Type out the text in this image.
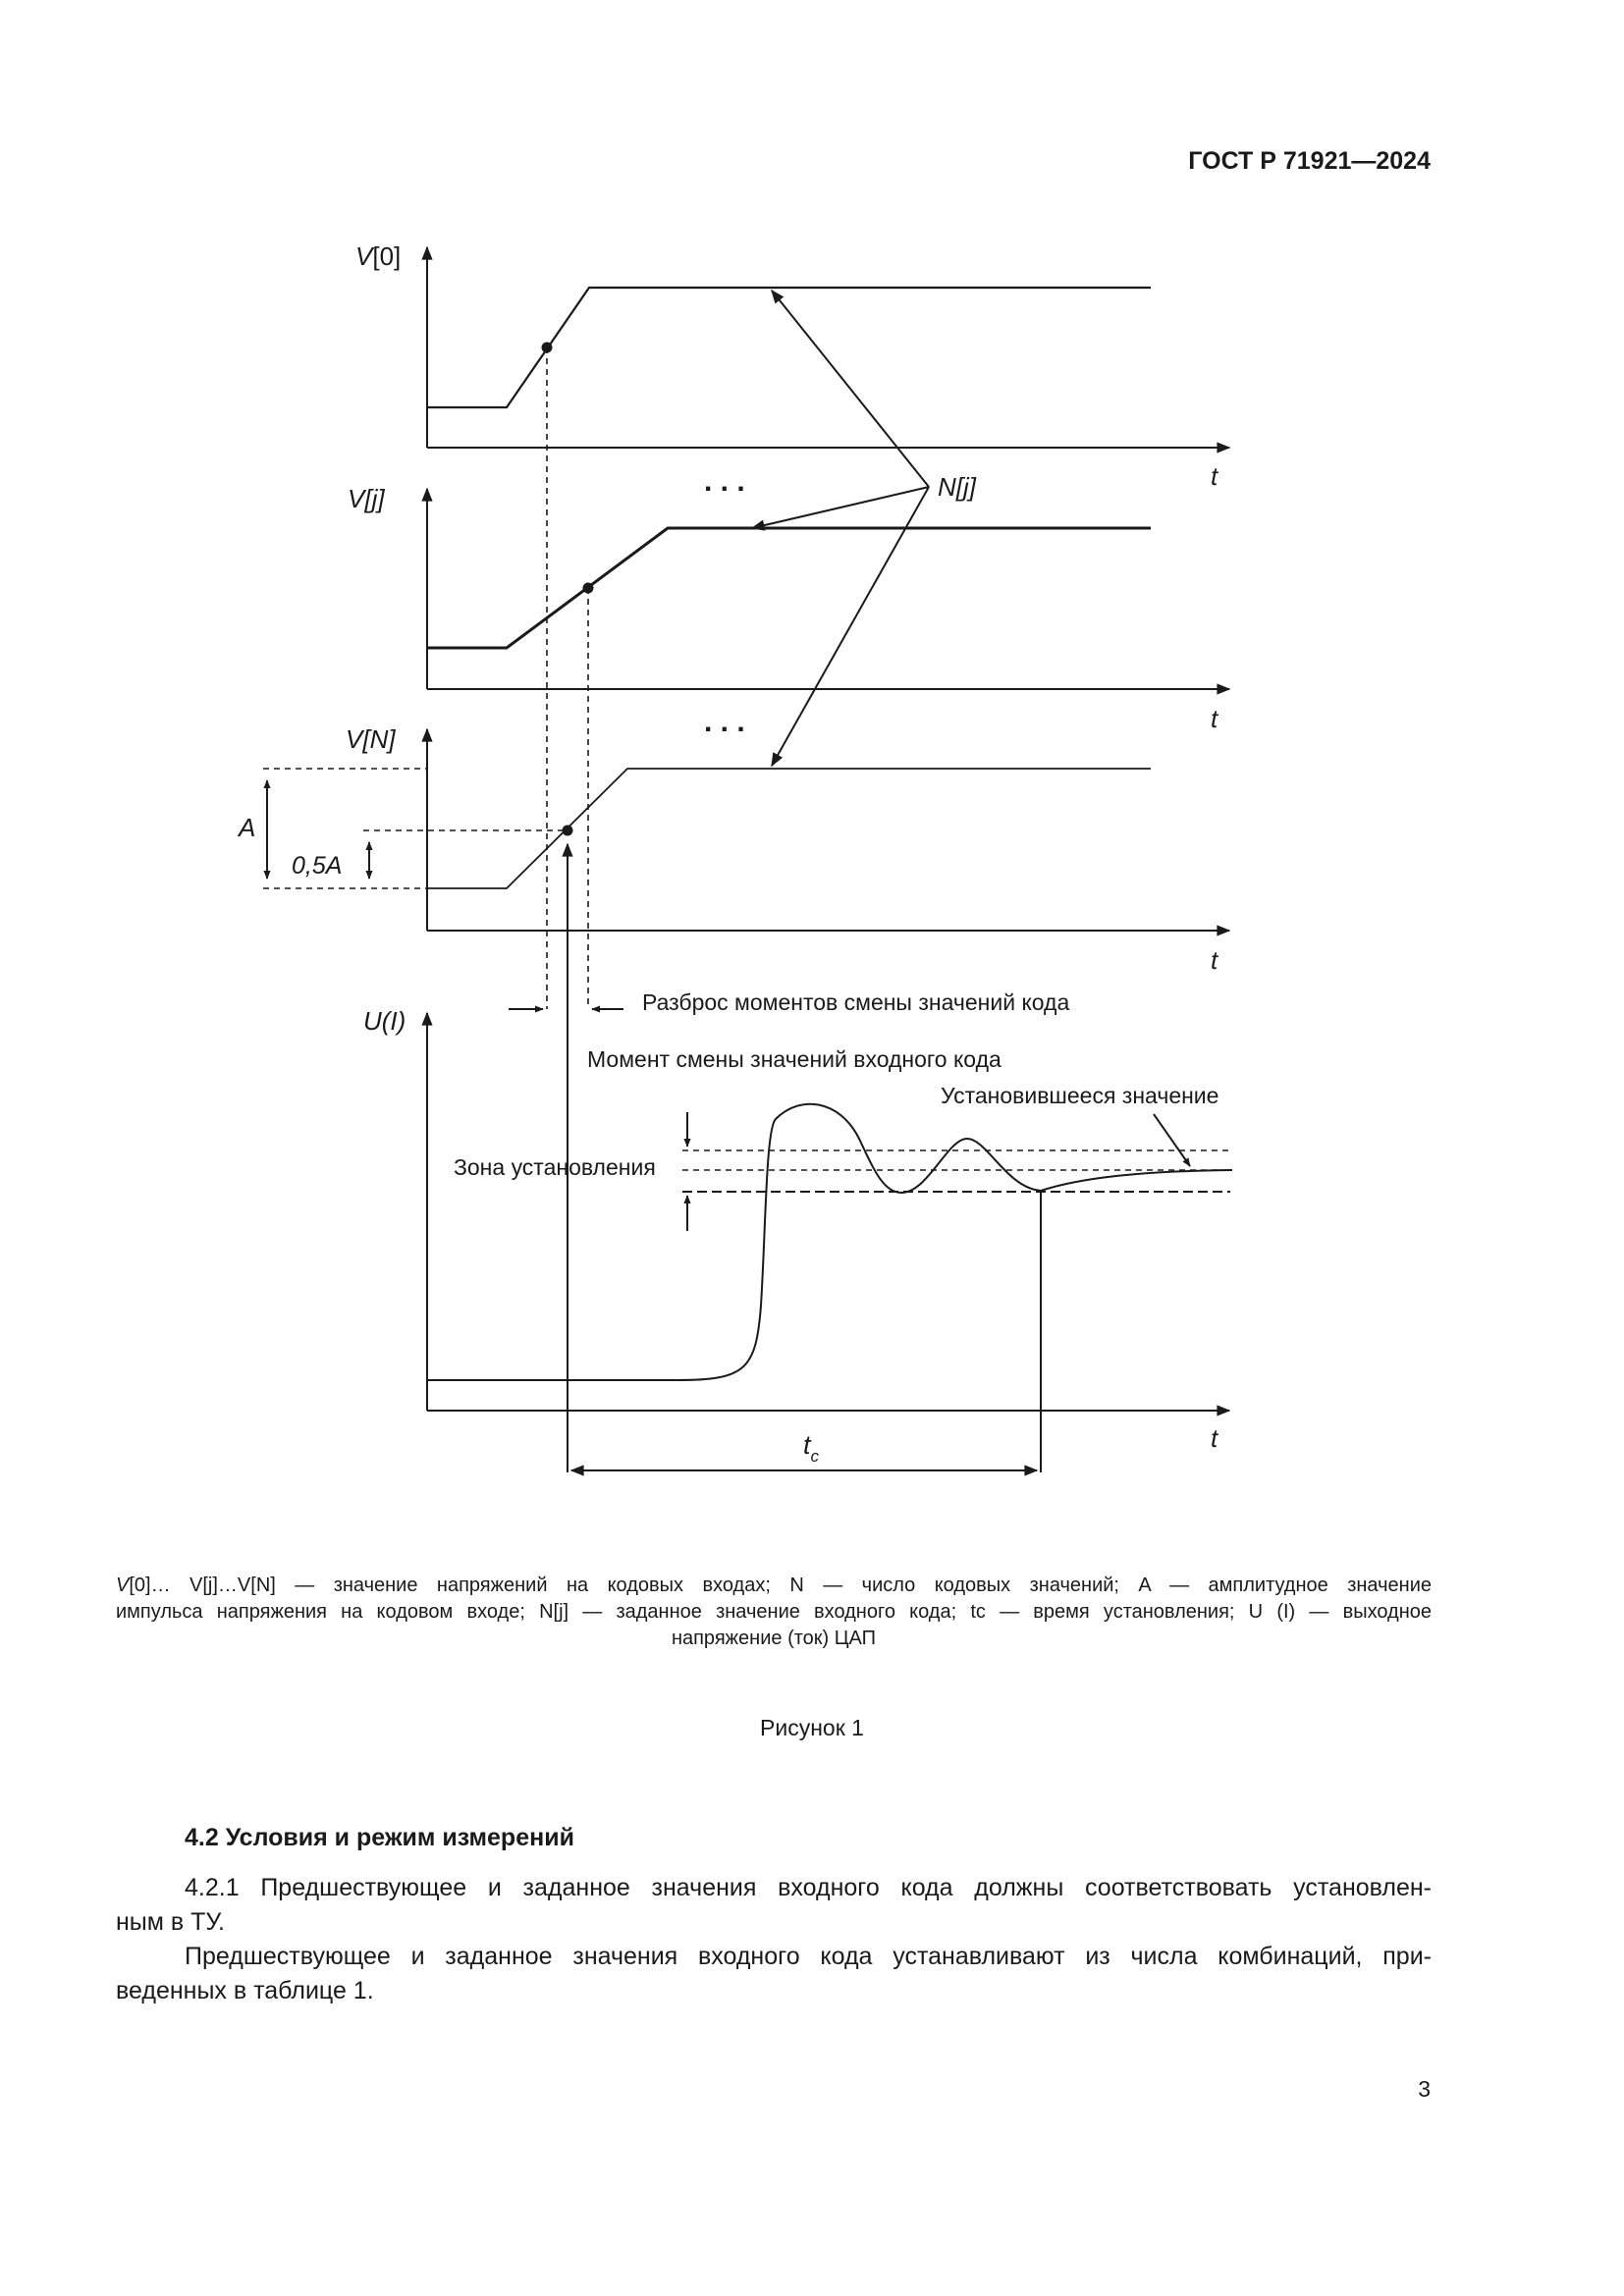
ГОСТ Р 71921—2024
V[0]
V[j]
V[N]
U(I)
t
t
t
t
A
0,5A
N[j]
. . .
. . .
Разброс моментов смены значений кода
Момент смены значений входного кода
Установившееся значение
Зона установления
$t_c$
V[0]… V[j]…V[N] — значение напряжений на кодовых входах; N — число кодовых значений; A — амплитудное значение
импульса напряжения на кодовом входе; N[j] — заданное значение входного кода; tc — время установления; U (I) — выходное
напряжение (ток) ЦАП
Рисунок 1
4.2 Условия и режим измерений
4.2.1 Предшествующее и заданное значения входного кода должны соответствовать установлен-
ным в ТУ.
Предшествующее и заданное значения входного кода устанавливают из числа комбинаций, при-
веденных в таблице 1.
3
